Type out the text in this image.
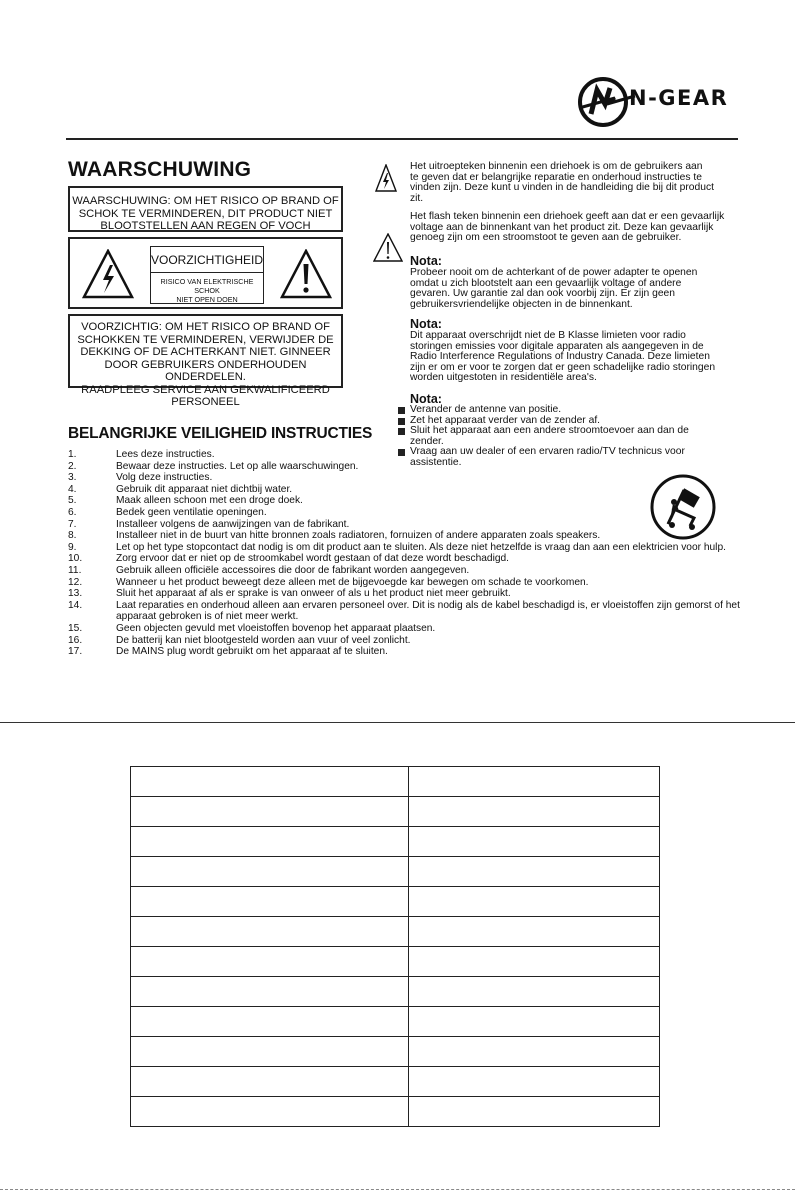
N-GEAR
WAARSCHUWING
WAARSCHUWING: OM HET RISICO OP BRAND OF
SCHOK TE VERMINDEREN, DIT PRODUCT NIET
BLOOTSTELLEN AAN REGEN OF VOCH
VOORZICHTIGHEID
RISICO VAN ELEKTRISCHE SCHOK
NIET OPEN DOEN
VOORZICHTIG: OM HET RISICO OP BRAND OF
SCHOKKEN TE VERMINDEREN, VERWIJDER DE
DEKKING OF DE ACHTERKANT NIET. GINNEER
DOOR GEBRUIKERS ONDERHOUDEN ONDERDELEN.
RAADPLEEG SERVICE AAN GEKWALIFICEERD
PERSONEEL
Het uitroepteken binnenin een driehoek is om de gebruikers aan
te geven dat er belangrijke reparatie en onderhoud instructies te
vinden zijn. Deze kunt u vinden in de handleiding die bij dit product
zit.
Het flash teken binnenin een driehoek geeft aan dat er een gevaarlijk
voltage aan de binnenkant van het product zit. Deze kan gevaarlijk
genoeg zijn om een stroomstoot te geven aan de gebruiker.
Nota:
Probeer nooit om de achterkant of de power adapter te openen
omdat u zich blootstelt aan een gevaarlijk voltage of andere
gevaren. Uw garantie zal dan ook voorbij zijn. Er zijn geen
gebruikersvriendelijke objecten in de binnenkant.
Nota:
Dit apparaat overschrijdt niet de B Klasse limieten voor radio
storingen emissies voor digitale apparaten als aangegeven in de
Radio Interference Regulations of Industry Canada. Deze limieten
zijn er om er voor te zorgen dat er geen schadelijke radio storingen
worden uitgestoten in residentiële area's.
Nota:
Verander de antenne van positie.
Zet het apparaat verder van de zender af.
Sluit het apparaat aan een andere stroomtoevoer aan dan de
zender.
Vraag aan uw dealer of een ervaren radio/TV technicus voor
assistentie.
BELANGRIJKE VEILIGHEID INSTRUCTIES
1.	Lees deze instructies.
2.	Bewaar deze instructies. Let op alle waarschuwingen.
3.	Volg deze instructies.
4.	Gebruik dit apparaat niet dichtbij water.
5.	Maak alleen schoon met een droge doek.
6.	Bedek geen ventilatie openingen.
7.	Installeer volgens de aanwijzingen van de fabrikant.
8.	Installeer niet in de buurt van hitte bronnen zoals radiatoren, fornuizen of andere apparaten zoals speakers.
9.	Let op het type stopcontact dat nodig is om dit product aan te sluiten. Als deze niet hetzelfde is vraag dan aan een elektricien voor hulp.
10.	Zorg ervoor dat er niet op de stroomkabel wordt gestaan of dat deze wordt beschadigd.
11.	Gebruik alleen officiële accessoires die door de fabrikant worden aangegeven.
12.	Wanneer u het product beweegt deze alleen met de bijgevoegde kar bewegen om schade te voorkomen.
13.	Sluit het apparaat af als er sprake is van onweer of als u het product niet meer gebruikt.
14.	Laat reparaties en onderhoud alleen aan ervaren personeel over. Dit is nodig als de kabel beschadigd is, er vloeistoffen zijn gemorst of het
apparaat gebroken is of niet meer werkt.
15.	Geen objecten gevuld met vloeistoffen bovenop het apparaat plaatsen.
16.	De batterij kan niet blootgesteld worden aan vuur of veel zonlicht.
17.	De MAINS plug wordt gebruikt om het apparaat af te sluiten.
